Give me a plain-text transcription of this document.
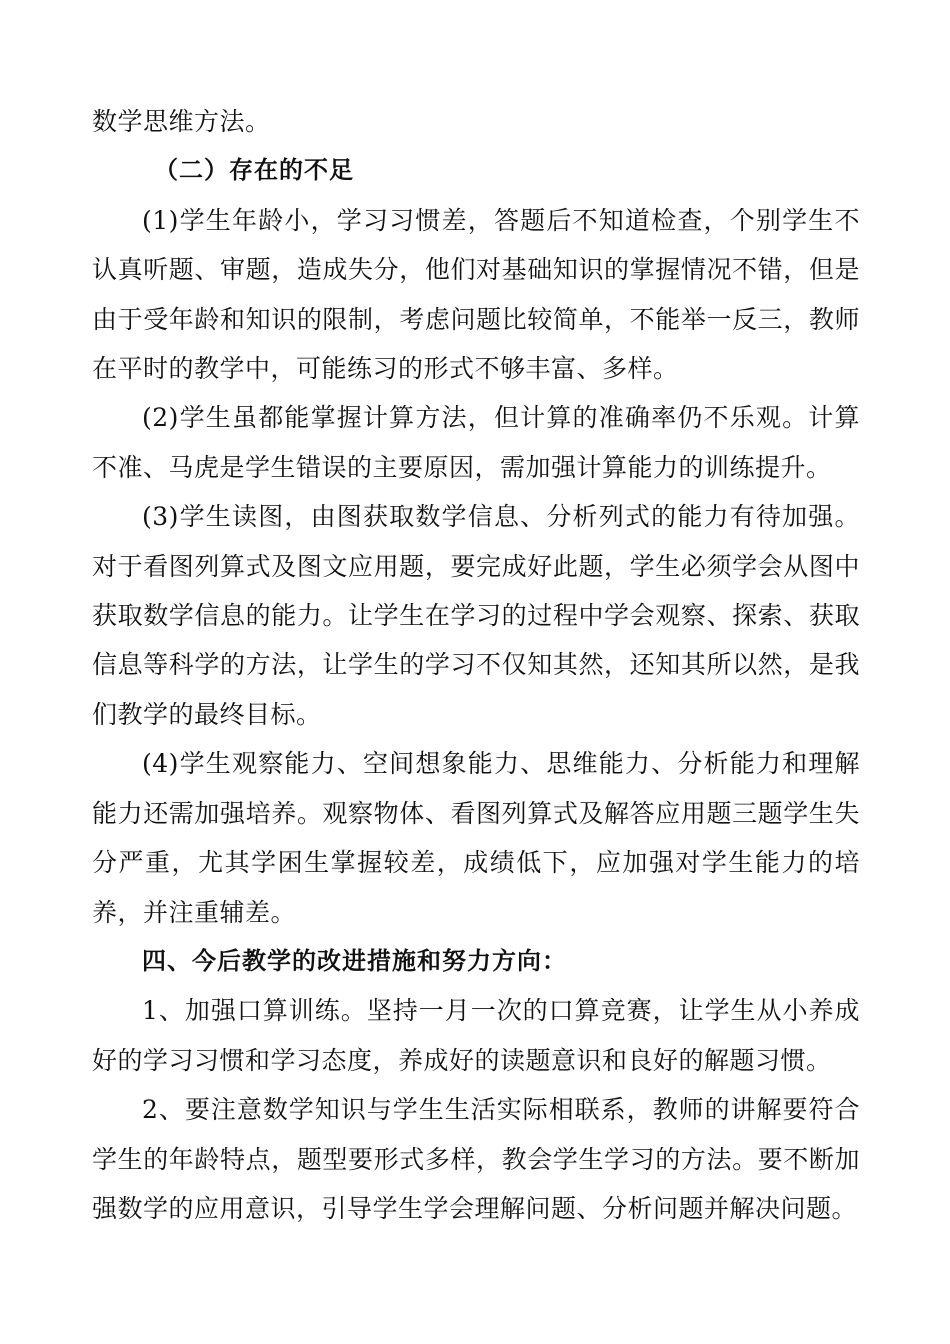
数学思维方法。

（二）存在的不足

(1)学生年龄小，学习习惯差，答题后不知道检查，个别学生不认真听题、审题，造成失分，他们对基础知识的掌握情况不错，但是由于受年龄和知识的限制，考虑问题比较简单，不能举一反三，教师在平时的教学中，可能练习的形式不够丰富、多样。

(2)学生虽都能掌握计算方法，但计算的准确率仍不乐观。计算不准、马虎是学生错误的主要原因，需加强计算能力的训练提升。

(3)学生读图，由图获取数学信息、分析列式的能力有待加强。对于看图列算式及图文应用题，要完成好此题，学生必须学会从图中获取数学信息的能力。让学生在学习的过程中学会观察、探索、获取信息等科学的方法，让学生的学习不仅知其然，还知其所以然，是我们教学的最终目标。

(4)学生观察能力、空间想象能力、思维能力、分析能力和理解能力还需加强培养。观察物体、看图列算式及解答应用题三题学生失分严重，尤其学困生掌握较差，成绩低下，应加强对学生能力的培养，并注重辅差。

四、今后教学的改进措施和努力方向：

1、加强口算训练。坚持一月一次的口算竞赛，让学生从小养成好的学习习惯和学习态度，养成好的读题意识和良好的解题习惯。

2、要注意数学知识与学生生活实际相联系，教师的讲解要符合学生的年龄特点，题型要形式多样，教会学生学习的方法。要不断加强数学的应用意识，引导学生学会理解问题、分析问题并解决问题。
